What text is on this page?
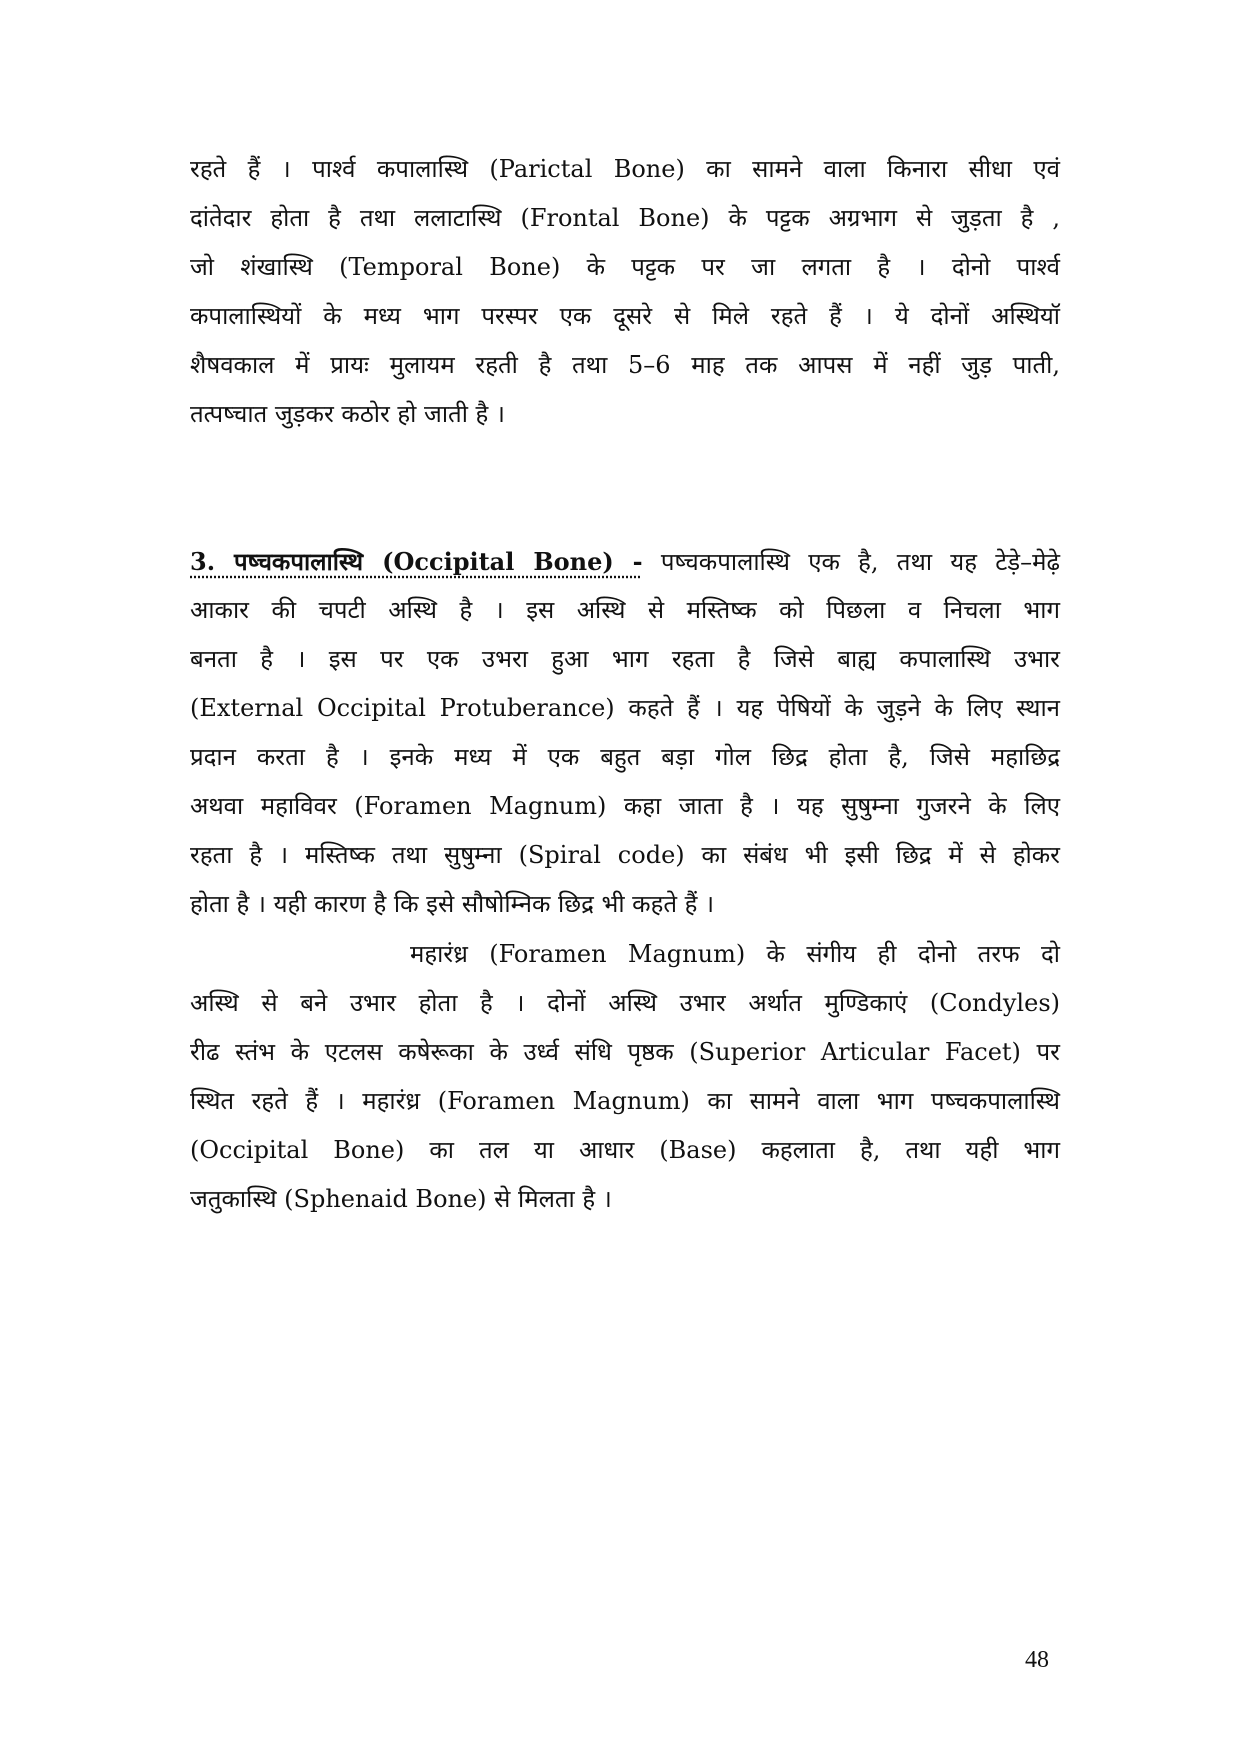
रहते हैं । पार्श्व कपालास्थि (Parictal Bone) का सामने वाला किनारा सीधा एवं
दांतेदार होता है तथा ललाटास्थि (Frontal Bone) के पट्टक अग्रभाग से जुड़ता है ,
जो शंखास्थि (Temporal Bone) के पट्टक पर जा लगता है । दोनो पार्श्व
कपालास्थियों के मध्य भाग परस्पर एक दूसरे से मिले रहते हैं । ये दोनों अस्थियॉ
शैषवकाल में प्रायः मुलायम रहती है तथा 5–6 माह तक आपस में नहीं जुड़ पाती,
तत्पष्चात जुड़कर कठोर हो जाती है ।
3. पष्चकपालास्थि (Occipital Bone) - पष्चकपालास्थि एक है, तथा यह टेड़े–मेढ़े
आकार की चपटी अस्थि है । इस अस्थि से मस्तिष्क को पिछला व निचला भाग
बनता है । इस पर एक उभरा हुआ भाग रहता है जिसे बाह्य कपालास्थि उभार
(External Occipital Protuberance) कहते हैं । यह पेषियों के जुड़ने के लिए स्थान
प्रदान करता है । इनके मध्य में एक बहुत बड़ा गोल छिद्र होता है, जिसे महाछिद्र
अथवा महाविवर (Foramen Magnum) कहा जाता है । यह सुषुम्ना गुजरने के लिए
रहता है । मस्तिष्क तथा सुषुम्ना (Spiral code) का संबंध भी इसी छिद्र में से होकर
होता है । यही कारण है कि इसे सौषोम्निक छिद्र भी कहते हैं ।
महारंध्र (Foramen Magnum) के संगीय ही दोनो तरफ दो
अस्थि से बने उभार होता है । दोनों अस्थि उभार अर्थात मुण्डिकाएं (Condyles)
रीढ स्तंभ के एटलस कषेरूका के उर्ध्व संधि पृष्ठक (Superior Articular Facet) पर
स्थित रहते हैं । महारंध्र (Foramen Magnum) का सामने वाला भाग पष्चकपालास्थि
(Occipital Bone) का तल या आधार (Base) कहलाता है, तथा यही भाग
जतुकास्थि (Sphenaid Bone) से मिलता है ।
48
